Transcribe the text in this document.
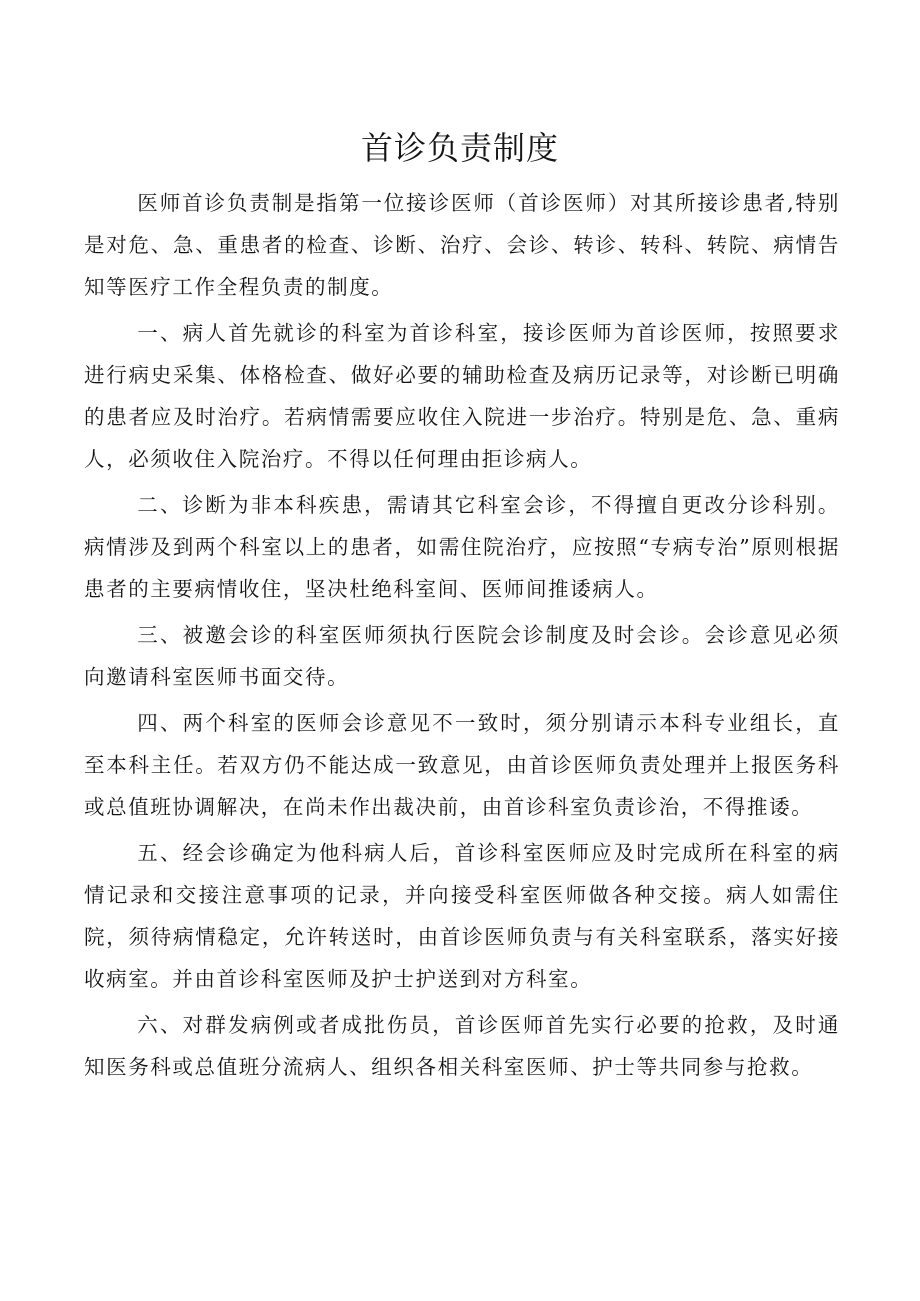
首诊负责制度

医师首诊负责制是指第一位接诊医师（首诊医师）对其所接诊患者,特别是对危、急、重患者的检查、诊断、治疗、会诊、转诊、转科、转院、病情告知等医疗工作全程负责的制度。

一、病人首先就诊的科室为首诊科室，接诊医师为首诊医师，按照要求进行病史采集、体格检查、做好必要的辅助检查及病历记录等，对诊断已明确的患者应及时治疗。若病情需要应收住入院进一步治疗。特别是危、急、重病人，必须收住入院治疗。不得以任何理由拒诊病人。

二、诊断为非本科疾患，需请其它科室会诊，不得擅自更改分诊科别。病情涉及到两个科室以上的患者，如需住院治疗，应按照“专病专治”原则根据患者的主要病情收住，坚决杜绝科室间、医师间推诿病人。

三、被邀会诊的科室医师须执行医院会诊制度及时会诊。会诊意见必须向邀请科室医师书面交待。

四、两个科室的医师会诊意见不一致时，须分别请示本科专业组长，直至本科主任。若双方仍不能达成一致意见，由首诊医师负责处理并上报医务科或总值班协调解决，在尚未作出裁决前，由首诊科室负责诊治，不得推诿。

五、经会诊确定为他科病人后，首诊科室医师应及时完成所在科室的病情记录和交接注意事项的记录，并向接受科室医师做各种交接。病人如需住院，须待病情稳定，允许转送时，由首诊医师负责与有关科室联系，落实好接收病室。并由首诊科室医师及护士护送到对方科室。

六、对群发病例或者成批伤员，首诊医师首先实行必要的抢救，及时通知医务科或总值班分流病人、组织各相关科室医师、护士等共同参与抢救。
